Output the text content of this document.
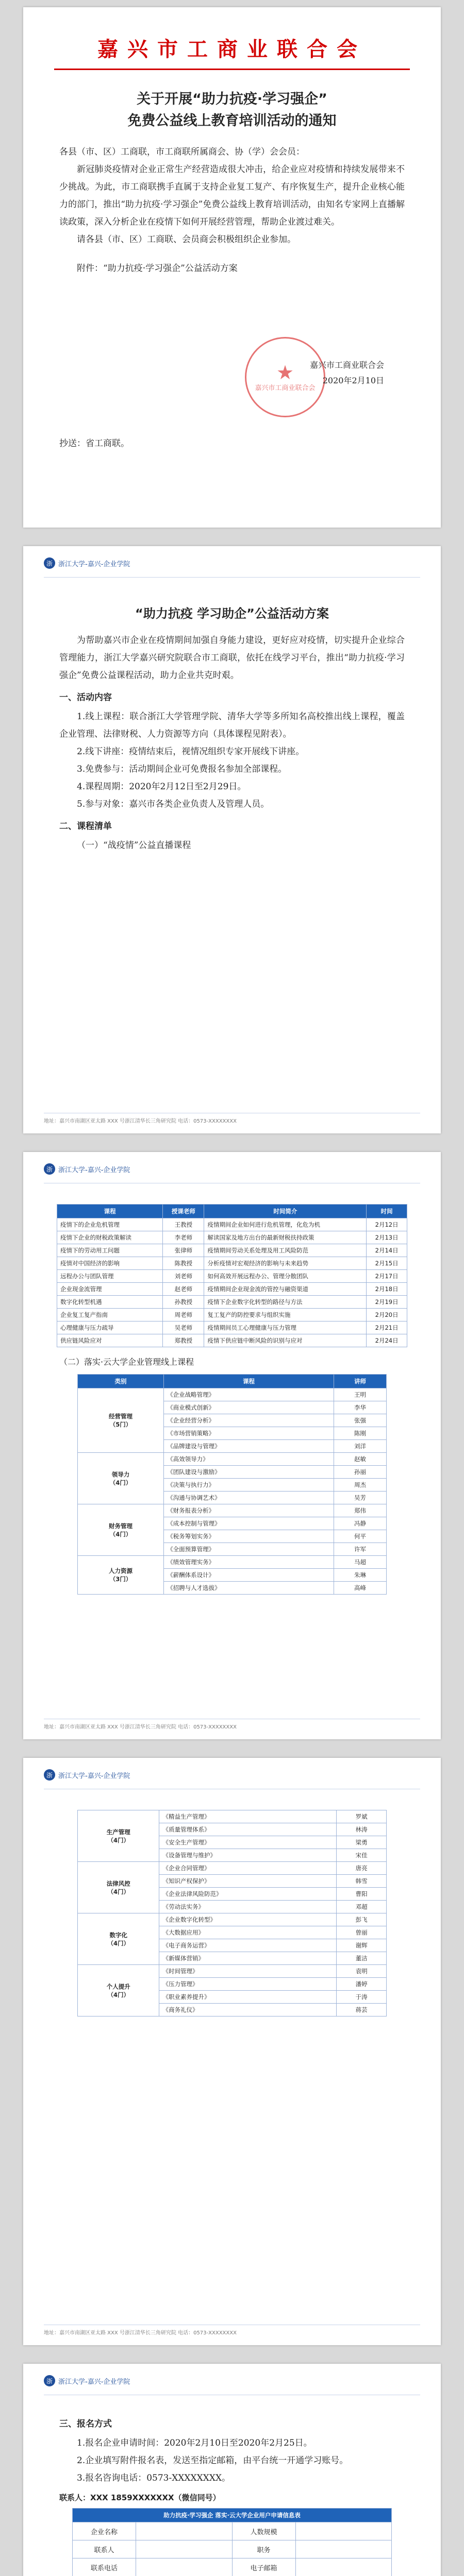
嘉兴市工商业联合会
关于开展“助力抗疫·学习强企”
免费公益线上教育培训活动的通知
各县（市、区）工商联，市工商联所属商会、协（学）会会员：
新冠肺炎疫情对企业正常生产经营造成很大冲击，给企业应对疫情和持续发展带来不少挑战。为此，市工商联携手直属于支持企业复工复产、有序恢复生产，提升企业核心能力的部门，推出“助力抗疫·学习强企”免费公益线上教育培训活动，由知名专家网上直播解读政策，深入分析企业在疫情下如何开展经营管理，帮助企业渡过难关。
请各县（市、区）工商联、会员商会积极组织企业参加。
附件：“助力抗疫·学习强企”公益活动方案
★
嘉兴市工商业联合会
嘉兴市工商业联合会
2020年2月10日
抄送：省工商联。
浙 浙江大学-嘉兴-企业学院
“助力抗疫 学习助企”公益活动方案
为帮助嘉兴市企业在疫情期间加强自身能力建设，更好应对疫情，切实提升企业综合管理能力，浙江大学嘉兴研究院联合市工商联，依托在线学习平台，推出“助力抗疫·学习强企”免费公益课程活动，助力企业共克时艰。
一、活动内容
1.线上课程：联合浙江大学管理学院、清华大学等多所知名高校推出线上课程，覆盖企业管理、法律财税、人力资源等方向（具体课程见附表）。
2.线下讲座：疫情结束后，视情况组织专家开展线下讲座。
3.免费参与：活动期间企业可免费报名参加全部课程。
4.课程周期：2020年2月12日至2月29日。
5.参与对象：嘉兴市各类企业负责人及管理人员。
二、课程清单
（一）“战疫情”公益直播课程
地址：嘉兴市南湖区亚太路 XXX 号浙江清华长三角研究院 电话：0573-XXXXXXXX
浙 浙江大学-嘉兴-企业学院
课程	授课老师	时间简介	时间
疫情下的企业危机管理	王教授	疫情期间企业如何进行危机管理，化危为机	2月12日
疫情下企业的财税政策解读	李老师	解读国家及地方出台的最新财税扶持政策	2月13日
疫情下的劳动用工问题	张律师	疫情期间劳动关系处理及用工风险防范	2月14日
疫情对中国经济的影响	陈教授	分析疫情对宏观经济的影响与未来趋势	2月15日
远程办公与团队管理	刘老师	如何高效开展远程办公、管理分散团队	2月17日
企业现金流管理	赵老师	疫情期间企业现金流的管控与融资渠道	2月18日
数字化转型机遇	孙教授	疫情下企业数字化转型的路径与方法	2月19日
企业复工复产指南	周老师	复工复产的防控要求与组织实施	2月20日
心理健康与压力疏导	吴老师	疫情期间员工心理健康与压力管理	2月21日
供应链风险应对	郑教授	疫情下供应链中断风险的识别与应对	2月24日
（二）落实·云大学企业管理线上课程
类别	课程	讲师
经营管理
（5门）	《企业战略管理》	王明
	《商业模式创新》	李华
	《企业经营分析》	张强
	《市场营销策略》	陈刚
	《品牌建设与管理》	刘洋
领导力
（4门）	《高效领导力》	赵敏
	《团队建设与激励》	孙丽
	《决策与执行力》	周杰
	《沟通与协调艺术》	吴芳
财务管理
（4门）	《财务报表分析》	郑伟
	《成本控制与管理》	冯静
	《税务筹划实务》	何平
	《全面预算管理》	许军
人力资源
（3门）	《绩效管理实务》	马超
	《薪酬体系设计》	朱琳
	《招聘与人才选拔》	高峰
地址：嘉兴市南湖区亚太路 XXX 号浙江清华长三角研究院 电话：0573-XXXXXXXX
浙 浙江大学-嘉兴-企业学院
生产管理
（4门）	《精益生产管理》	罗斌
	《质量管理体系》	林涛
	《安全生产管理》	梁勇
	《设备管理与维护》	宋佳
法律风控
（4门）	《企业合同管理》	唐亮
	《知识产权保护》	韩雪
	《企业法律风险防范》	曹阳
	《劳动法实务》	邓超
数字化
（4门）	《企业数字化转型》	彭飞
	《大数据应用》	曾丽
	《电子商务运营》	谢辉
	《新媒体营销》	董洁
个人提升
（4门）	《时间管理》	袁明
	《压力管理》	潘婷
	《职业素养提升》	于涛
	《商务礼仪》	蒋芸
地址：嘉兴市南湖区亚太路 XXX 号浙江清华长三角研究院 电话：0573-XXXXXXXX
浙 浙江大学-嘉兴-企业学院
三、报名方式
1.报名企业申请时间：2020年2月10日至2020年2月25日。
2.企业填写附件报名表，发送至指定邮箱，由平台统一开通学习账号。
3.报名咨询电话：0573-XXXXXXXX。
联系人：XXX 1859XXXXXXX（微信同号）
助力抗疫·学习强企 落实·云大学企业用户申请信息表			
企业名称		人数规模	
联系人		职务	
联系电话		电子邮箱	
